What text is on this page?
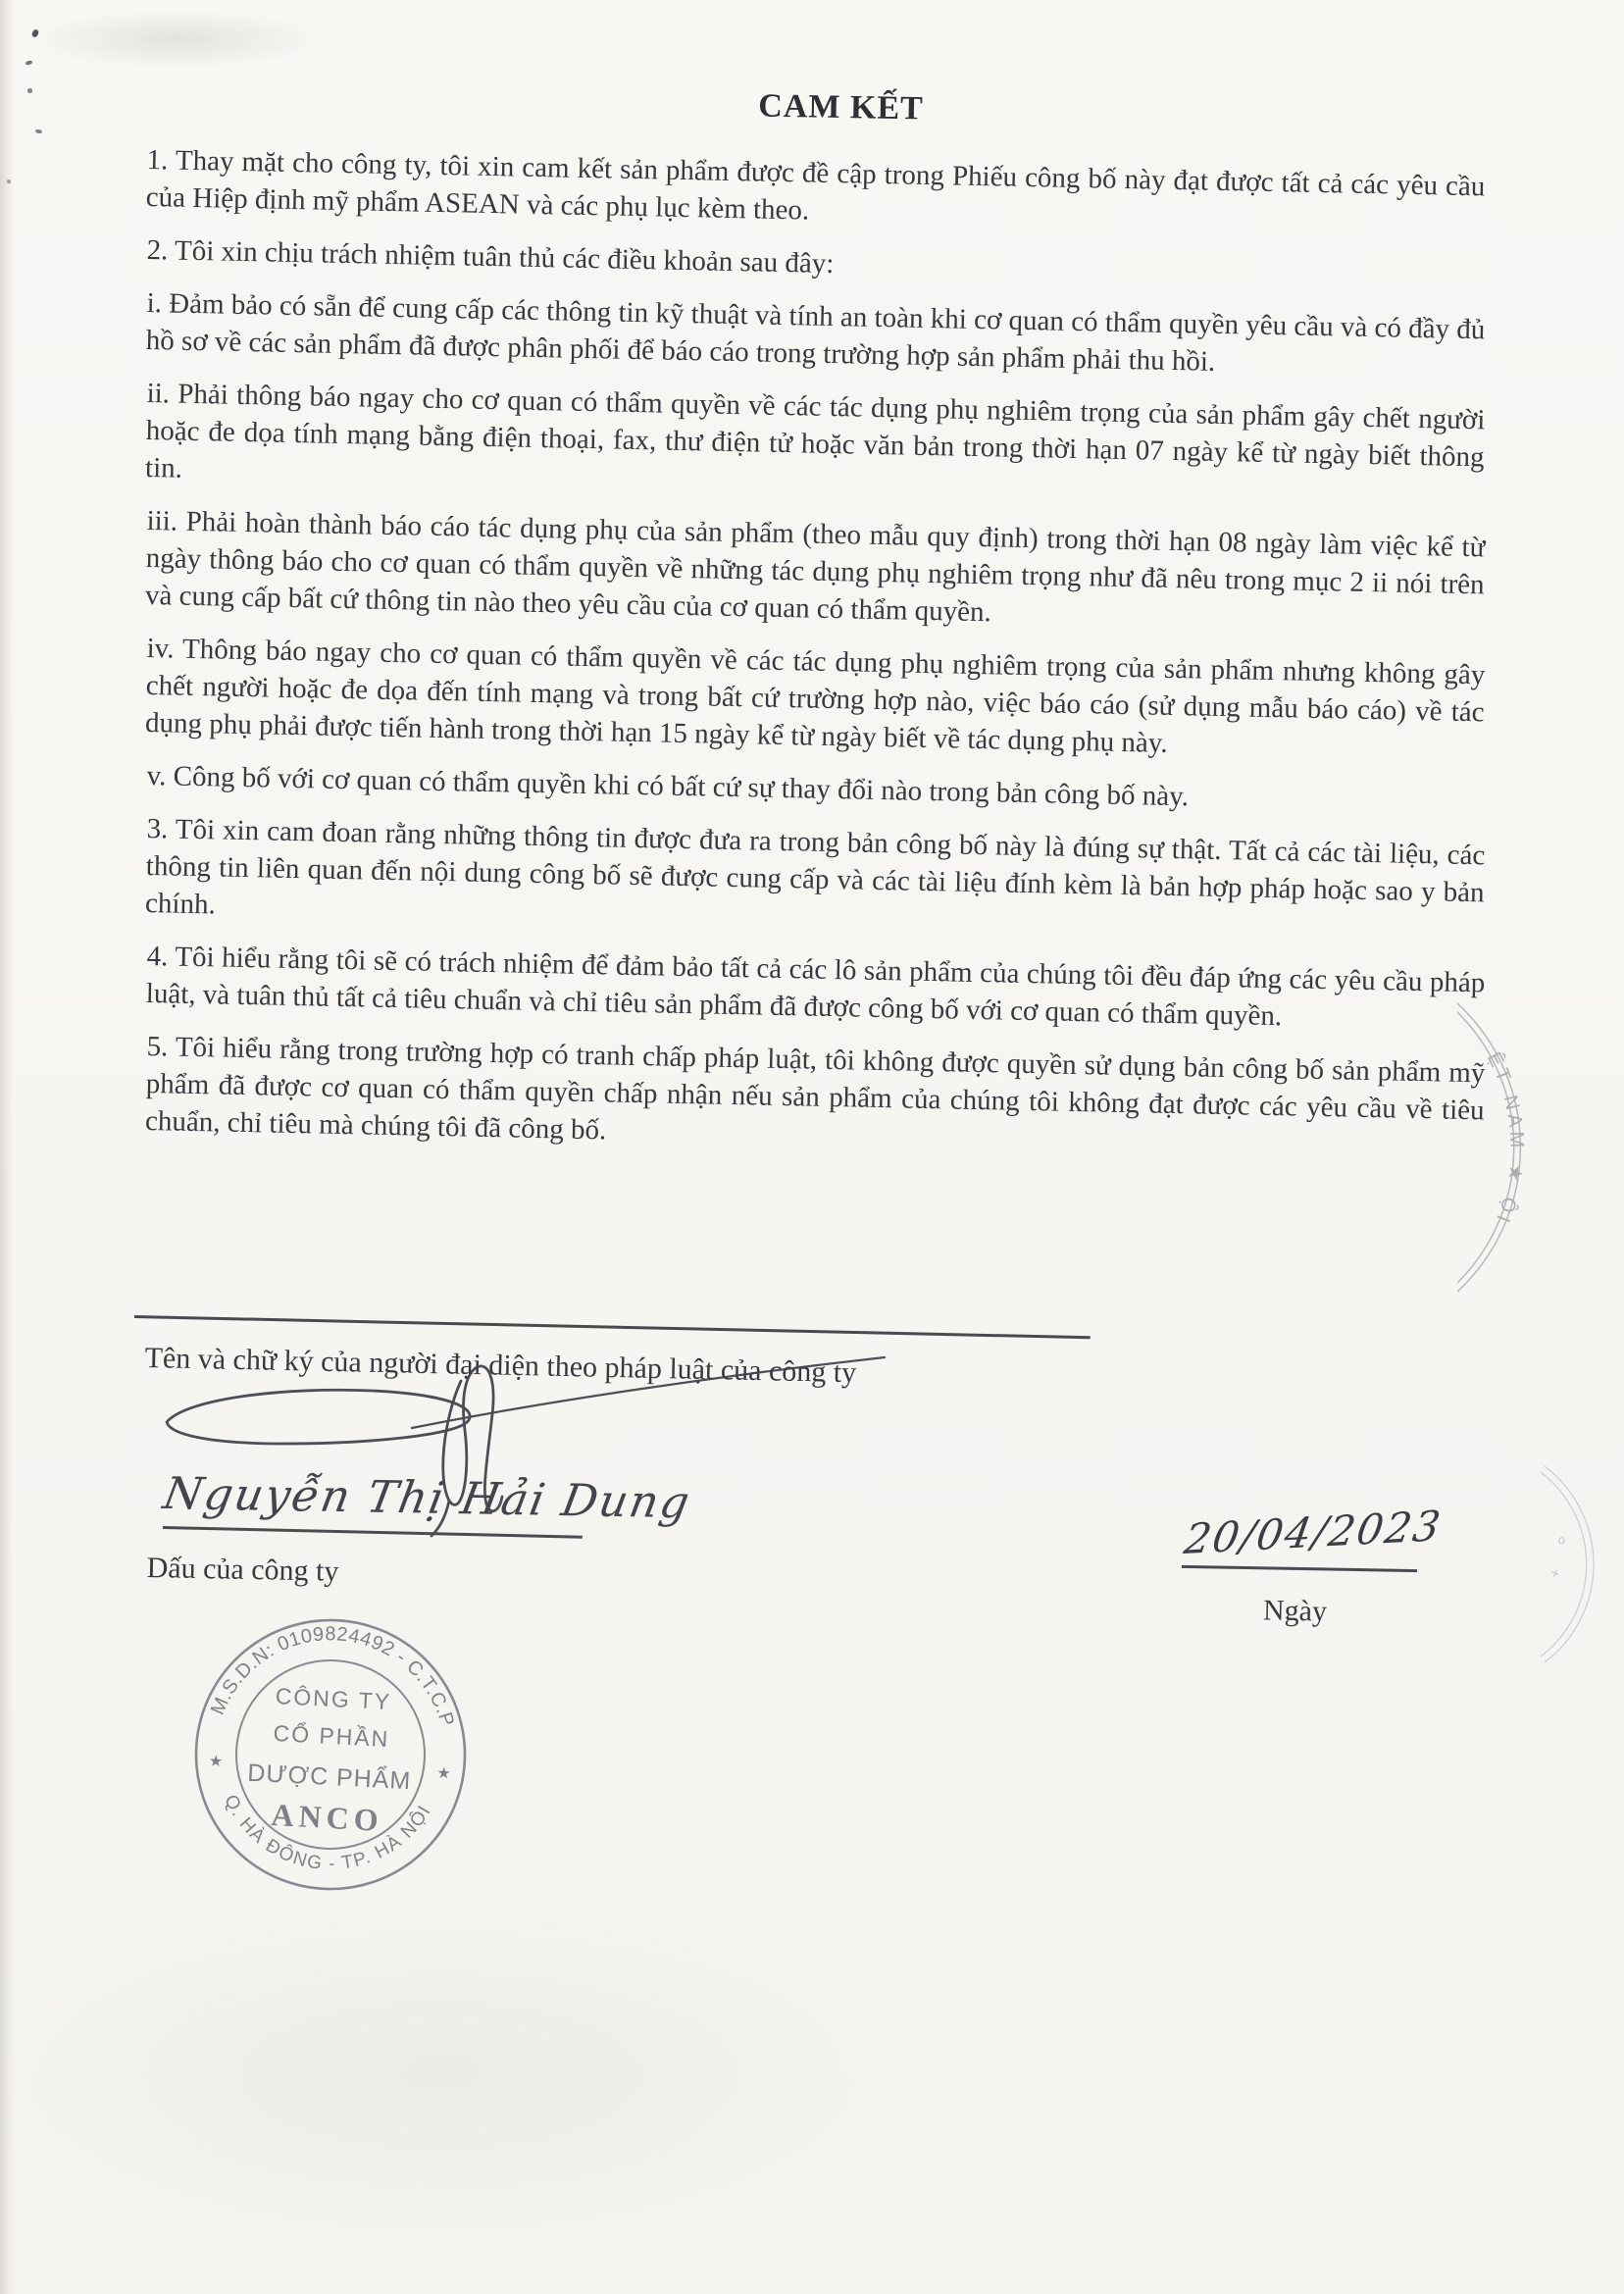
CAM KẾT

1. Thay mặt cho công ty, tôi xin cam kết sản phẩm được đề cập trong Phiếu công bố này đạt được tất cả các yêu cầu của Hiệp định mỹ phẩm ASEAN và các phụ lục kèm theo.

2. Tôi xin chịu trách nhiệm tuân thủ các điều khoản sau đây:

i. Đảm bảo có sẵn để cung cấp các thông tin kỹ thuật và tính an toàn khi cơ quan có thẩm quyền yêu cầu và có đầy đủ hồ sơ về các sản phẩm đã được phân phối để báo cáo trong trường hợp sản phẩm phải thu hồi.

ii. Phải thông báo ngay cho cơ quan có thẩm quyền về các tác dụng phụ nghiêm trọng của sản phẩm gây chết người hoặc đe dọa tính mạng bằng điện thoại, fax, thư điện tử hoặc văn bản trong thời hạn 07 ngày kể từ ngày biết thông tin.

iii. Phải hoàn thành báo cáo tác dụng phụ của sản phẩm (theo mẫu quy định) trong thời hạn 08 ngày làm việc kể từ ngày thông báo cho cơ quan có thẩm quyền về những tác dụng phụ nghiêm trọng như đã nêu trong mục 2 ii nói trên và cung cấp bất cứ thông tin nào theo yêu cầu của cơ quan có thẩm quyền.

iv. Thông báo ngay cho cơ quan có thẩm quyền về các tác dụng phụ nghiêm trọng của sản phẩm nhưng không gây chết người hoặc đe dọa đến tính mạng và trong bất cứ trường hợp nào, việc báo cáo (sử dụng mẫu báo cáo) về tác dụng phụ phải được tiến hành trong thời hạn 15 ngày kể từ ngày biết về tác dụng phụ này.

v. Công bố với cơ quan có thẩm quyền khi có bất cứ sự thay đổi nào trong bản công bố này.

3. Tôi xin cam đoan rằng những thông tin được đưa ra trong bản công bố này là đúng sự thật. Tất cả các tài liệu, các thông tin liên quan đến nội dung công bố sẽ được cung cấp và các tài liệu đính kèm là bản hợp pháp hoặc sao y bản chính.

4. Tôi hiểu rằng tôi sẽ có trách nhiệm để đảm bảo tất cả các lô sản phẩm của chúng tôi đều đáp ứng các yêu cầu pháp luật, và tuân thủ tất cả tiêu chuẩn và chỉ tiêu sản phẩm đã được công bố với cơ quan có thẩm quyền.

5. Tôi hiểu rằng trong trường hợp có tranh chấp pháp luật, tôi không được quyền sử dụng bản công bố sản phẩm mỹ phẩm đã được cơ quan có thẩm quyền chấp nhận nếu sản phẩm của chúng tôi không đạt được các yêu cầu về tiêu chuẩn, chỉ tiêu mà chúng tôi đã công bố.

Tên và chữ ký của người đại diện theo pháp luật của công ty
Nguyễn Thị Hải Dung
Dấu của công ty
20/04/2023
Ngày
M.S.D.N: 0109824492 - C.T.C.P
Q. HÀ ĐÔNG - TP. HÀ NỘI
★
★
CÔNG TY
CỔ PHẦN
DƯỢC PHẨM
ANCO
ỆT NAM ★ ỘI
o
+
